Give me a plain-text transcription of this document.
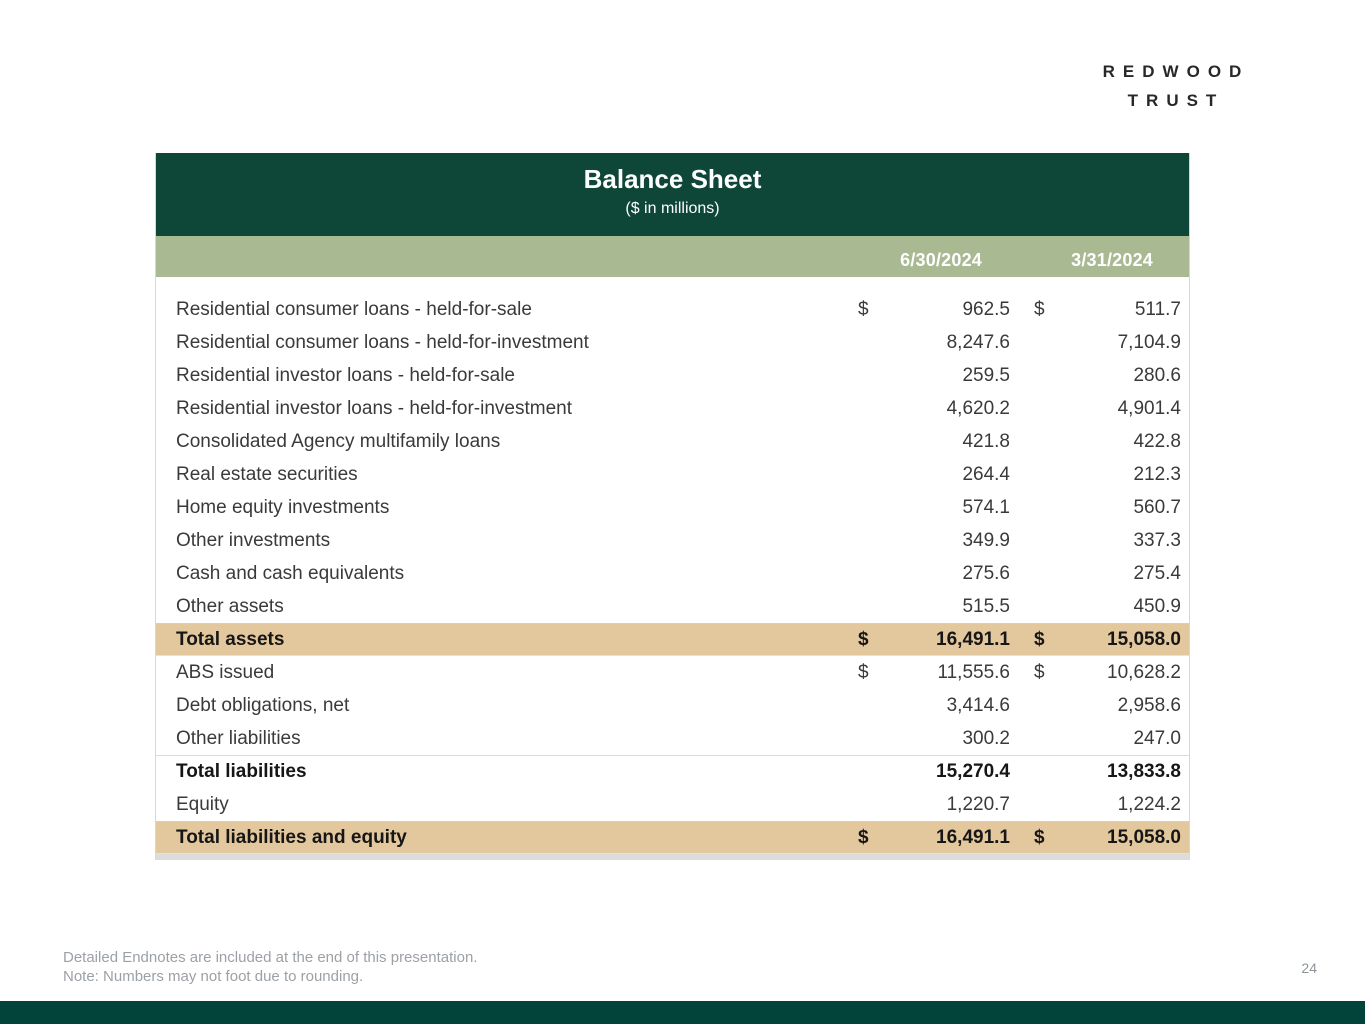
REDWOOD
TRUST
Balance Sheet
($ in millions)
6/30/2024	3/31/2024
Residential consumer loans - held-for-sale	$	962.5 $	511.7
Residential consumer loans - held-for-investment	8,247.6	7,104.9
Residential investor loans - held-for-sale	259.5	280.6
Residential investor loans - held-for-investment	4,620.2	4,901.4
Consolidated Agency multifamily loans	421.8	422.8
Real estate securities	264.4	212.3
Home equity investments	574.1	560.7
Other investments	349.9	337.3
Cash and cash equivalents	275.6	275.4
Other assets	515.5	450.9
Total assets	$	16,491.1 $	15,058.0
ABS issued	$	11,555.6 $	10,628.2
Debt obligations, net	3,414.6	2,958.6
Other liabilities	300.2	247.0
Total liabilities	15,270.4	13,833.8
Equity	1,220.7	1,224.2
Total liabilities and equity	$	16,491.1 $	15,058.0
Detailed Endnotes are included at the end of this presentation.
Note: Numbers may not foot due to rounding.	24
